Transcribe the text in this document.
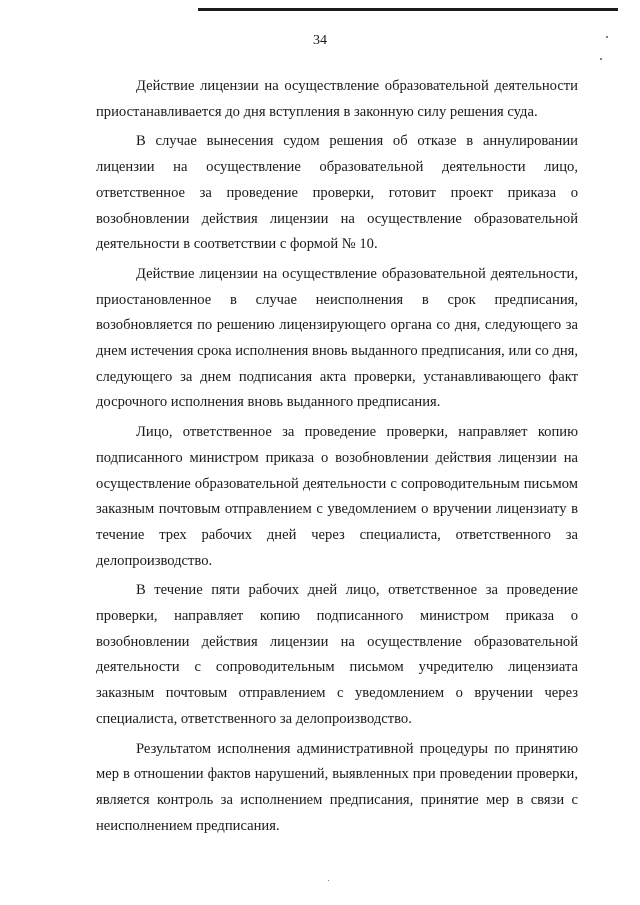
34

Действие лицензии на осуществление образовательной деятельности
приостанавливается до дня вступления в законную силу решения суда.

В случае вынесения судом решения об отказе в аннулировании
лицензии на осуществление образовательной деятельности лицо,
ответственное за проведение проверки, готовит проект приказа о
возобновлении действия лицензии на осуществление образовательной
деятельности в соответствии с формой № 10.

Действие лицензии на осуществление образовательной деятельности,
приостановленное в случае неисполнения в срок предписания,
возобновляется по решению лицензирующего органа со дня, следующего за
днем истечения срока исполнения вновь выданного предписания, или со дня,
следующего за днем подписания акта проверки, устанавливающего факт
досрочного исполнения вновь выданного предписания.

Лицо, ответственное за проведение проверки, направляет копию
подписанного министром приказа о возобновлении действия лицензии на
осуществление образовательной деятельности с сопроводительным письмом
заказным почтовым отправлением с уведомлением о вручении лицензиату в
течение трех рабочих дней через специалиста, ответственного за
делопроизводство.

В течение пяти рабочих дней лицо, ответственное за проведение
проверки, направляет копию подписанного министром приказа о
возобновлении действия лицензии на осуществление образовательной
деятельности с сопроводительным письмом учредителю лицензиата
заказным почтовым отправлением с уведомлением о вручении через
специалиста, ответственного за делопроизводство.

Результатом исполнения административной процедуры по принятию
мер в отношении фактов нарушений, выявленных при проведении проверки,
является контроль за исполнением предписания, принятие мер в связи с
неисполнением предписания.
